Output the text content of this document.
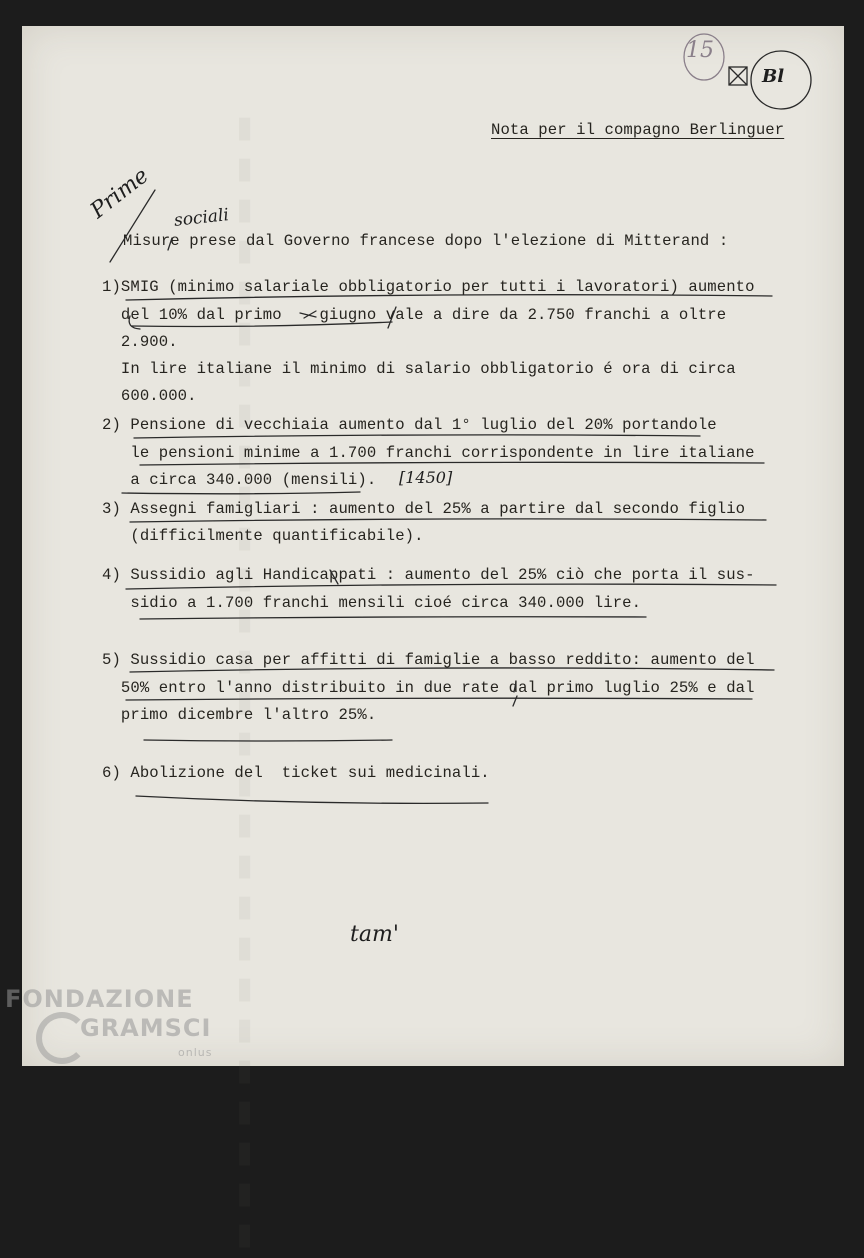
▮▮▮▮▮▮▮▮▮▮▮▮▮▮▮▮▮▮▮▮▮▮▮▮▮▮▮▮
15
Bl
Nota per il compagno Berlinguer
Prime sociali
Misure prese dal Governo francese dopo l'elezione di Mitterand :
1)SMIG (minimo salariale obbligatorio per tutti i lavoratori) aumento
del 10% dal primo    giugno vale a dire da 2.750 franchi a oltre
2.900.
In lire italiane il minimo di salario obbligatorio é ora di circa
600.000.
2) Pensione di vecchiaia aumento dal 1° luglio del 20% portandole
le pensioni minime a 1.700 franchi corrispondente in lire italiane
a circa 340.000 (mensili). [1450]
3) Assegni famigliari : aumento del 25% a partire dal secondo figlio
(difficilmente quantificabile).
4) Sussidio agli Handicappati : aumento del 25% ciò che porta il sus-
sidio a 1.700 franchi mensili cioé circa 340.000 lire.
5) Sussidio casa per affitti di famiglie a basso reddito: aumento del
50% entro l'anno distribuito in due rate dal primo luglio 25% e dal
primo dicembre l'altro 25%.
6) Abolizione del  ticket sui medicinali.
tam'
FONDAZIONE
GRAMSCI
onlus
